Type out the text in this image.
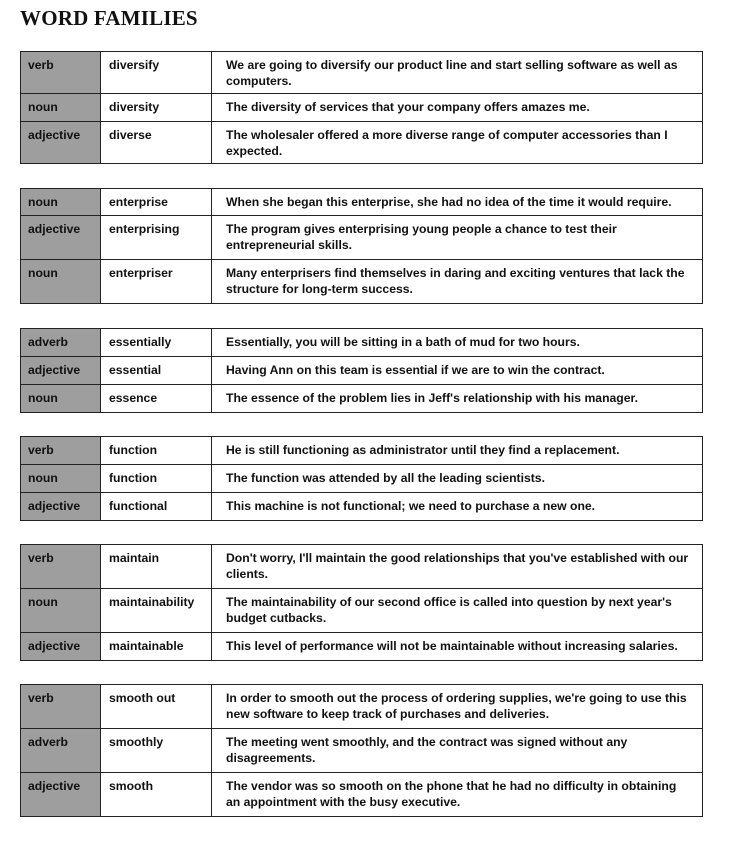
WORD FAMILIES
verb	diversify	We are going to diversify our product line and start selling software as well as computers.
noun	diversity	The diversity of services that your company offers amazes me.
adjective	diverse	The wholesaler offered a more diverse range of computer accessories than I expected.
noun	enterprise	When she began this enterprise, she had no idea of the time it would require.
adjective	enterprising	The program gives enterprising young people a chance to test their entrepreneurial skills.
noun	enterpriser	Many enterprisers find themselves in daring and exciting ventures that lack the structure for long-term success.
adverb	essentially	Essentially, you will be sitting in a bath of mud for two hours.
adjective	essential	Having Ann on this team is essential if we are to win the contract.
noun	essence	The essence of the problem lies in Jeff's relationship with his manager.
verb	function	He is still functioning as administrator until they find a replacement.
noun	function	The function was attended by all the leading scientists.
adjective	functional	This machine is not functional; we need to purchase a new one.
verb	maintain	Don't worry, I'll maintain the good relationships that you've established with our clients.
noun	maintainability	The maintainability of our second office is called into question by next year's budget cutbacks.
adjective	maintainable	This level of performance will not be maintainable without increasing salaries.
verb	smooth out	In order to smooth out the process of ordering supplies, we're going to use this new software to keep track of purchases and deliveries.
adverb	smoothly	The meeting went smoothly, and the contract was signed without any disagreements.
adjective	smooth	The vendor was so smooth on the phone that he had no difficulty in obtaining an appointment with the busy executive.
